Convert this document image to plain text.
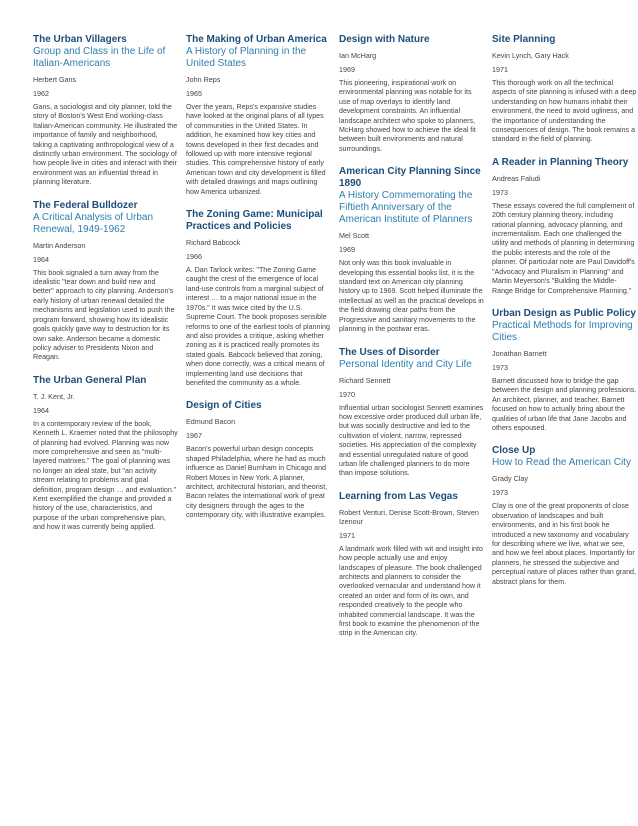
The Urban Villagers

Group and Class in the Life of Italian-Americans

Herbert Gans

1962

Gans, a sociologist and city planner, told the story of Boston's West End working-class Italian-American community. He illustrated the importance of family and neighborhood, taking a captivating anthropological view of a distinctly urban environment. The sociology of how people live in cities and interact with their environment was an influential thread in planning literature.

The Federal Bulldozer

A Critical Analysis of Urban Renewal, 1949-1962

Martin Anderson

1964

This book signaled a turn away from the idealistic "tear down and build new and better" approach to city planning. Anderson's early history of urban renewal detailed the mechanisms and legislation used to push the program forward, showing how its idealistic goals quickly gave way to destruction for its own sake. Anderson became a domestic policy adviser to Presidents Nixon and Reagan.

The Urban General Plan

T. J. Kent, Jr.

1964

In a contemporary review of the book, Kenneth L. Kraemer noted that the philosophy of planning had evolved. Planning was now more comprehensive and seen as "multi-layered matrixes." The goal of planning was no longer an ideal state, but "an activity stream relating to problems and goal definition, program design … and evaluation." Kent exemplified the change and provided a history of the use, characteristics, and purpose of the urban comprehensive plan, and how it was currently being applied.

The Making of Urban America

A History of Planning in the United States

John Reps

1965

Over the years, Reps's expansive studies have looked at the original plans of all types of communities in the United States. In addition, he examined how key cities and towns developed in their first decades and followed up with more intensive regional studies. This comprehensive history of early American town and city development is filled with detailed drawings and maps outlining how America urbanized.

The Zoning Game: Municipal Practices and Policies

Richard Babcock

1966

A. Dan Tarlock writes: "The Zoning Game caught the crest of the emergence of local land-use controls from a marginal subject of interest … to a major national issue in the 1970s." It was twice cited by the U.S. Supreme Court. The book proposes sensible reforms to one of the earliest tools of planning and also provides a critique, asking whether zoning as it is practiced really promotes its stated goals. Babcock believed that zoning, when done correctly, was a critical means of implementing land use decisions that benefited the community as a whole.

Design of Cities

Edmund Bacon

1967

Bacon's powerful urban design concepts shaped Philadelphia, where he had as much influence as Daniel Burnham in Chicago and Robert Moses in New York. A planner, architect, architectural historian, and theorist, Bacon relates the international work of great city designers through the ages to the contemporary city, with illustrative examples.

Design with Nature

Ian McHarg

1969

This pioneering, inspirational work on environmental planning was notable for its use of map overlays to identify land development constraints. An influential landscape architect who spoke to planners, McHarg showed how to achieve the ideal fit between built environments and natural surroundings.

American City Planning Since 1890

A History Commemorating the Fiftieth Anniversary of the American Institute of Planners

Mel Scott

1969

Not only was this book invaluable in developing this essential books list, it is the standard text on American city planning history up to 1969. Scott helped illuminate the intellectual as well as the practical develops in the field drawing clear paths from the Progressive and sanitary movements to the planning in the postwar eras.

The Uses of Disorder

Personal Identity and City Life

Richard Sennett

1970

Influential urban sociologist Sennett examines how excessive order produced dull urban life, but was socially destructive and led to the cultivation of violent, narrow, repressed societies. His appreciation of the complexity and essential unregulated nature of good urban life challenged planners to do more than impose solutions.

Learning from Las Vegas

Robert Venturi, Denise Scott-Brown, Steven Izenour

1971

A landmark work filled with wit and insight into how people actually use and enjoy landscapes of pleasure. The book challenged architects and planners to consider the overlooked vernacular and understand how it created an order and form of its own, and responded creatively to the people who inhabited commercial landscape. It was the first book to examine the phenomenon of the strip in the American city.

Site Planning

Kevin Lynch, Gary Hack

1971

This thorough work on all the technical aspects of site planning is infused with a deep understanding on how humans inhabit their environment, the need to avoid ugliness, and the importance of understanding the consequences of design. The book remains a standard in the field of planning.

A Reader in Planning Theory

Andreas Faludi

1973

These essays covered the full complement of 20th century planning theory, including rational planning, advocacy planning, and incrementalism. Each one challenged the utility and methods of planning in determining the public interests and the role of the planner. Of particular note are Paul Davidoff's "Advocacy and Pluralism in Planning" and Martin Meyerson's "Building the Middle-Range Bridge for Comprehensive Planning."

Urban Design as Public Policy

Practical Methods for Improving Cities

Jonathan Barnett

1973

Barnett discussed how to bridge the gap between the design and planning professions. An architect, planner, and teacher, Barnett focused on how to actually bring about the qualities of urban life that Jane Jacobs and others espoused.

Close Up

How to Read the American City

Grady Clay

1973

Clay is one of the great proponents of close observation of landscapes and built environments, and in his first book he introduced a new taxonomy and vocabulary for describing where we live, what we see, and how we feel about places. Importantly for planners, he stressed the subjective and perceptual nature of places rather than grand, abstract plans for them.
